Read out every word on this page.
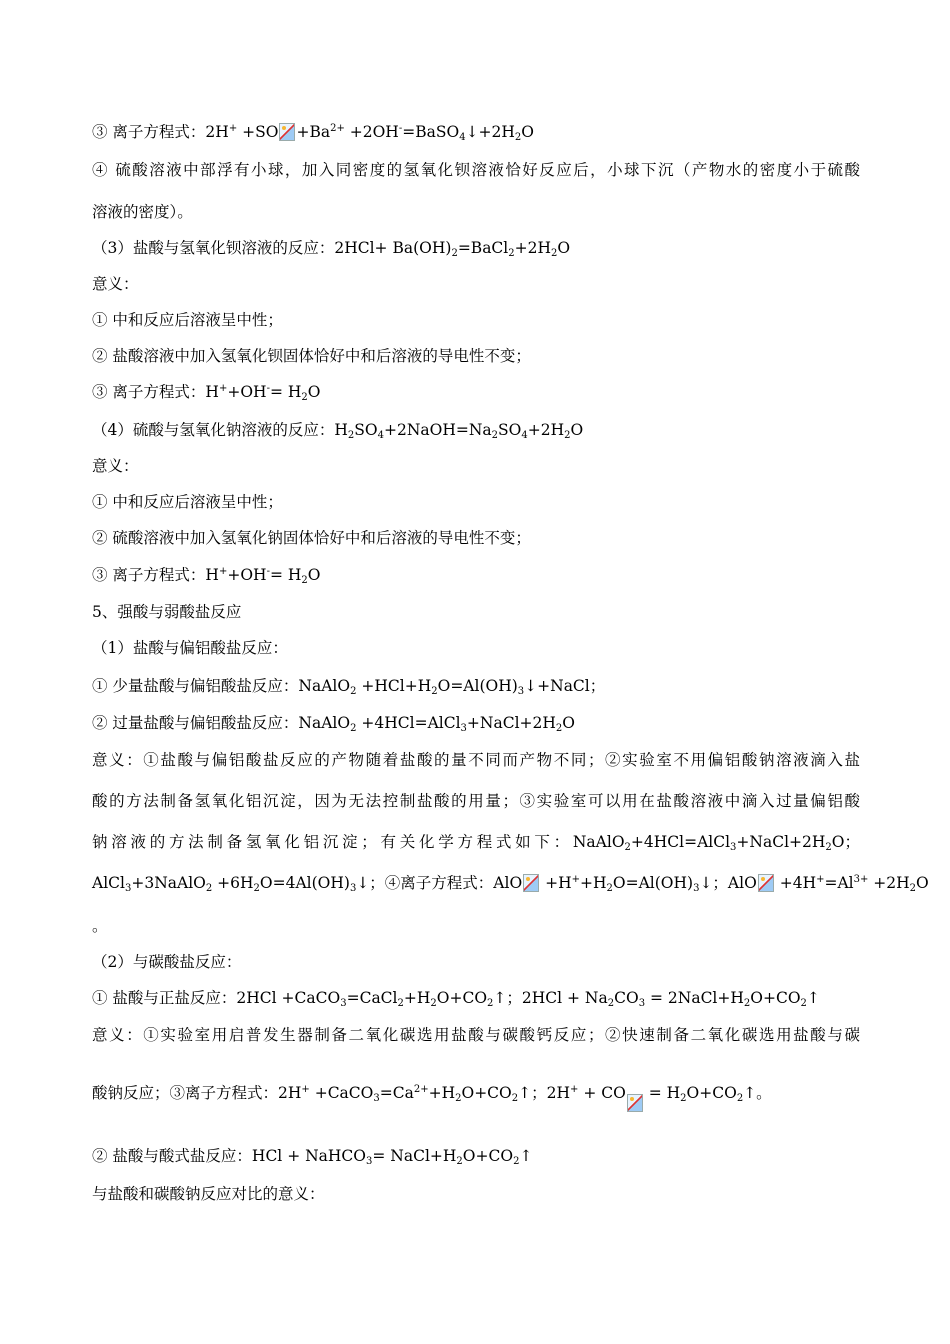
③ 离子方程式：$2H^+ +SO +Ba^{2+}$ $+2OH^-=BaSO_4↓+2H_2O$
④ 硫酸溶液中部浮有小球，加入同密度的氢氧化钡溶液恰好反应后，小球下沉（产物水的密度小于硫酸
溶液的密度）。
（3）盐酸与氢氧化钡溶液的反应：$2HCl+ Ba(OH)_2=BaCl_2+2H_2O$
意义：
① 中和反应后溶液呈中性；
② 盐酸溶液中加入氢氧化钡固体恰好中和后溶液的导电性不变；
③ 离子方程式：$H^++OH^-= H_2O$
（4）硫酸与氢氧化钠溶液的反应：$H_2SO_4+2NaOH=Na_2SO_4+2H_2O$
意义：
① 中和反应后溶液呈中性；
② 硫酸溶液中加入氢氧化钠固体恰好中和后溶液的导电性不变；
③ 离子方程式：$H^++OH^-= H_2O$
5、强酸与弱酸盐反应
（1）盐酸与偏铝酸盐反应：
① 少量盐酸与偏铝酸盐反应：NaAlO$_2$ $+HCl+H_2O=Al(OH)_3↓+NaCl$；
② 过量盐酸与偏铝酸盐反应：NaAlO$_2$ $+4HCl=AlCl_3+NaCl+2H_2O$
意义：①盐酸与偏铝酸盐反应的产物随着盐酸的量不同而产物不同；②实验室不用偏铝酸钠溶液滴入盐
酸的方法制备氢氧化铝沉淀，因为无法控制盐酸的用量；③实验室可以用在盐酸溶液中滴入过量偏铝酸
钠溶液的方法制备氢氧化铝沉淀；有关化学方程式如下：$NaAlO_2+4HCl=AlCl_3+NaCl+2H_2O$；
AlCl$_3$+3NaAlO$_2$ $+6H_2O=4Al(OH)_3↓$；④离子方程式：AlO $+H^++H_2O=Al(OH)_3↓$；AlO $+4H^+=Al^{3+} +2H_2O$
。
（2）与碳酸盐反应：
① 盐酸与正盐反应：$2HCl +CaCO_3=CaCl_2+H_2O+CO_2↑$；$2HCl + Na_2CO_3$ = $2NaCl+H_2O+CO_2↑$
意义：①实验室用启普发生器制备二氧化碳选用盐酸与碳酸钙反应；②快速制备二氧化碳选用盐酸与碳
酸钠反应；③离子方程式：$2H^+ +CaCO_3=Ca^{2+}+H_2O+CO_2↑$；2H+ + CO = $H_2O+CO_2↑$。
② 盐酸与酸式盐反应：HCl + NaHCO$_3$= $NaCl+H_2O+CO_2↑$
与盐酸和碳酸钠反应对比的意义：
